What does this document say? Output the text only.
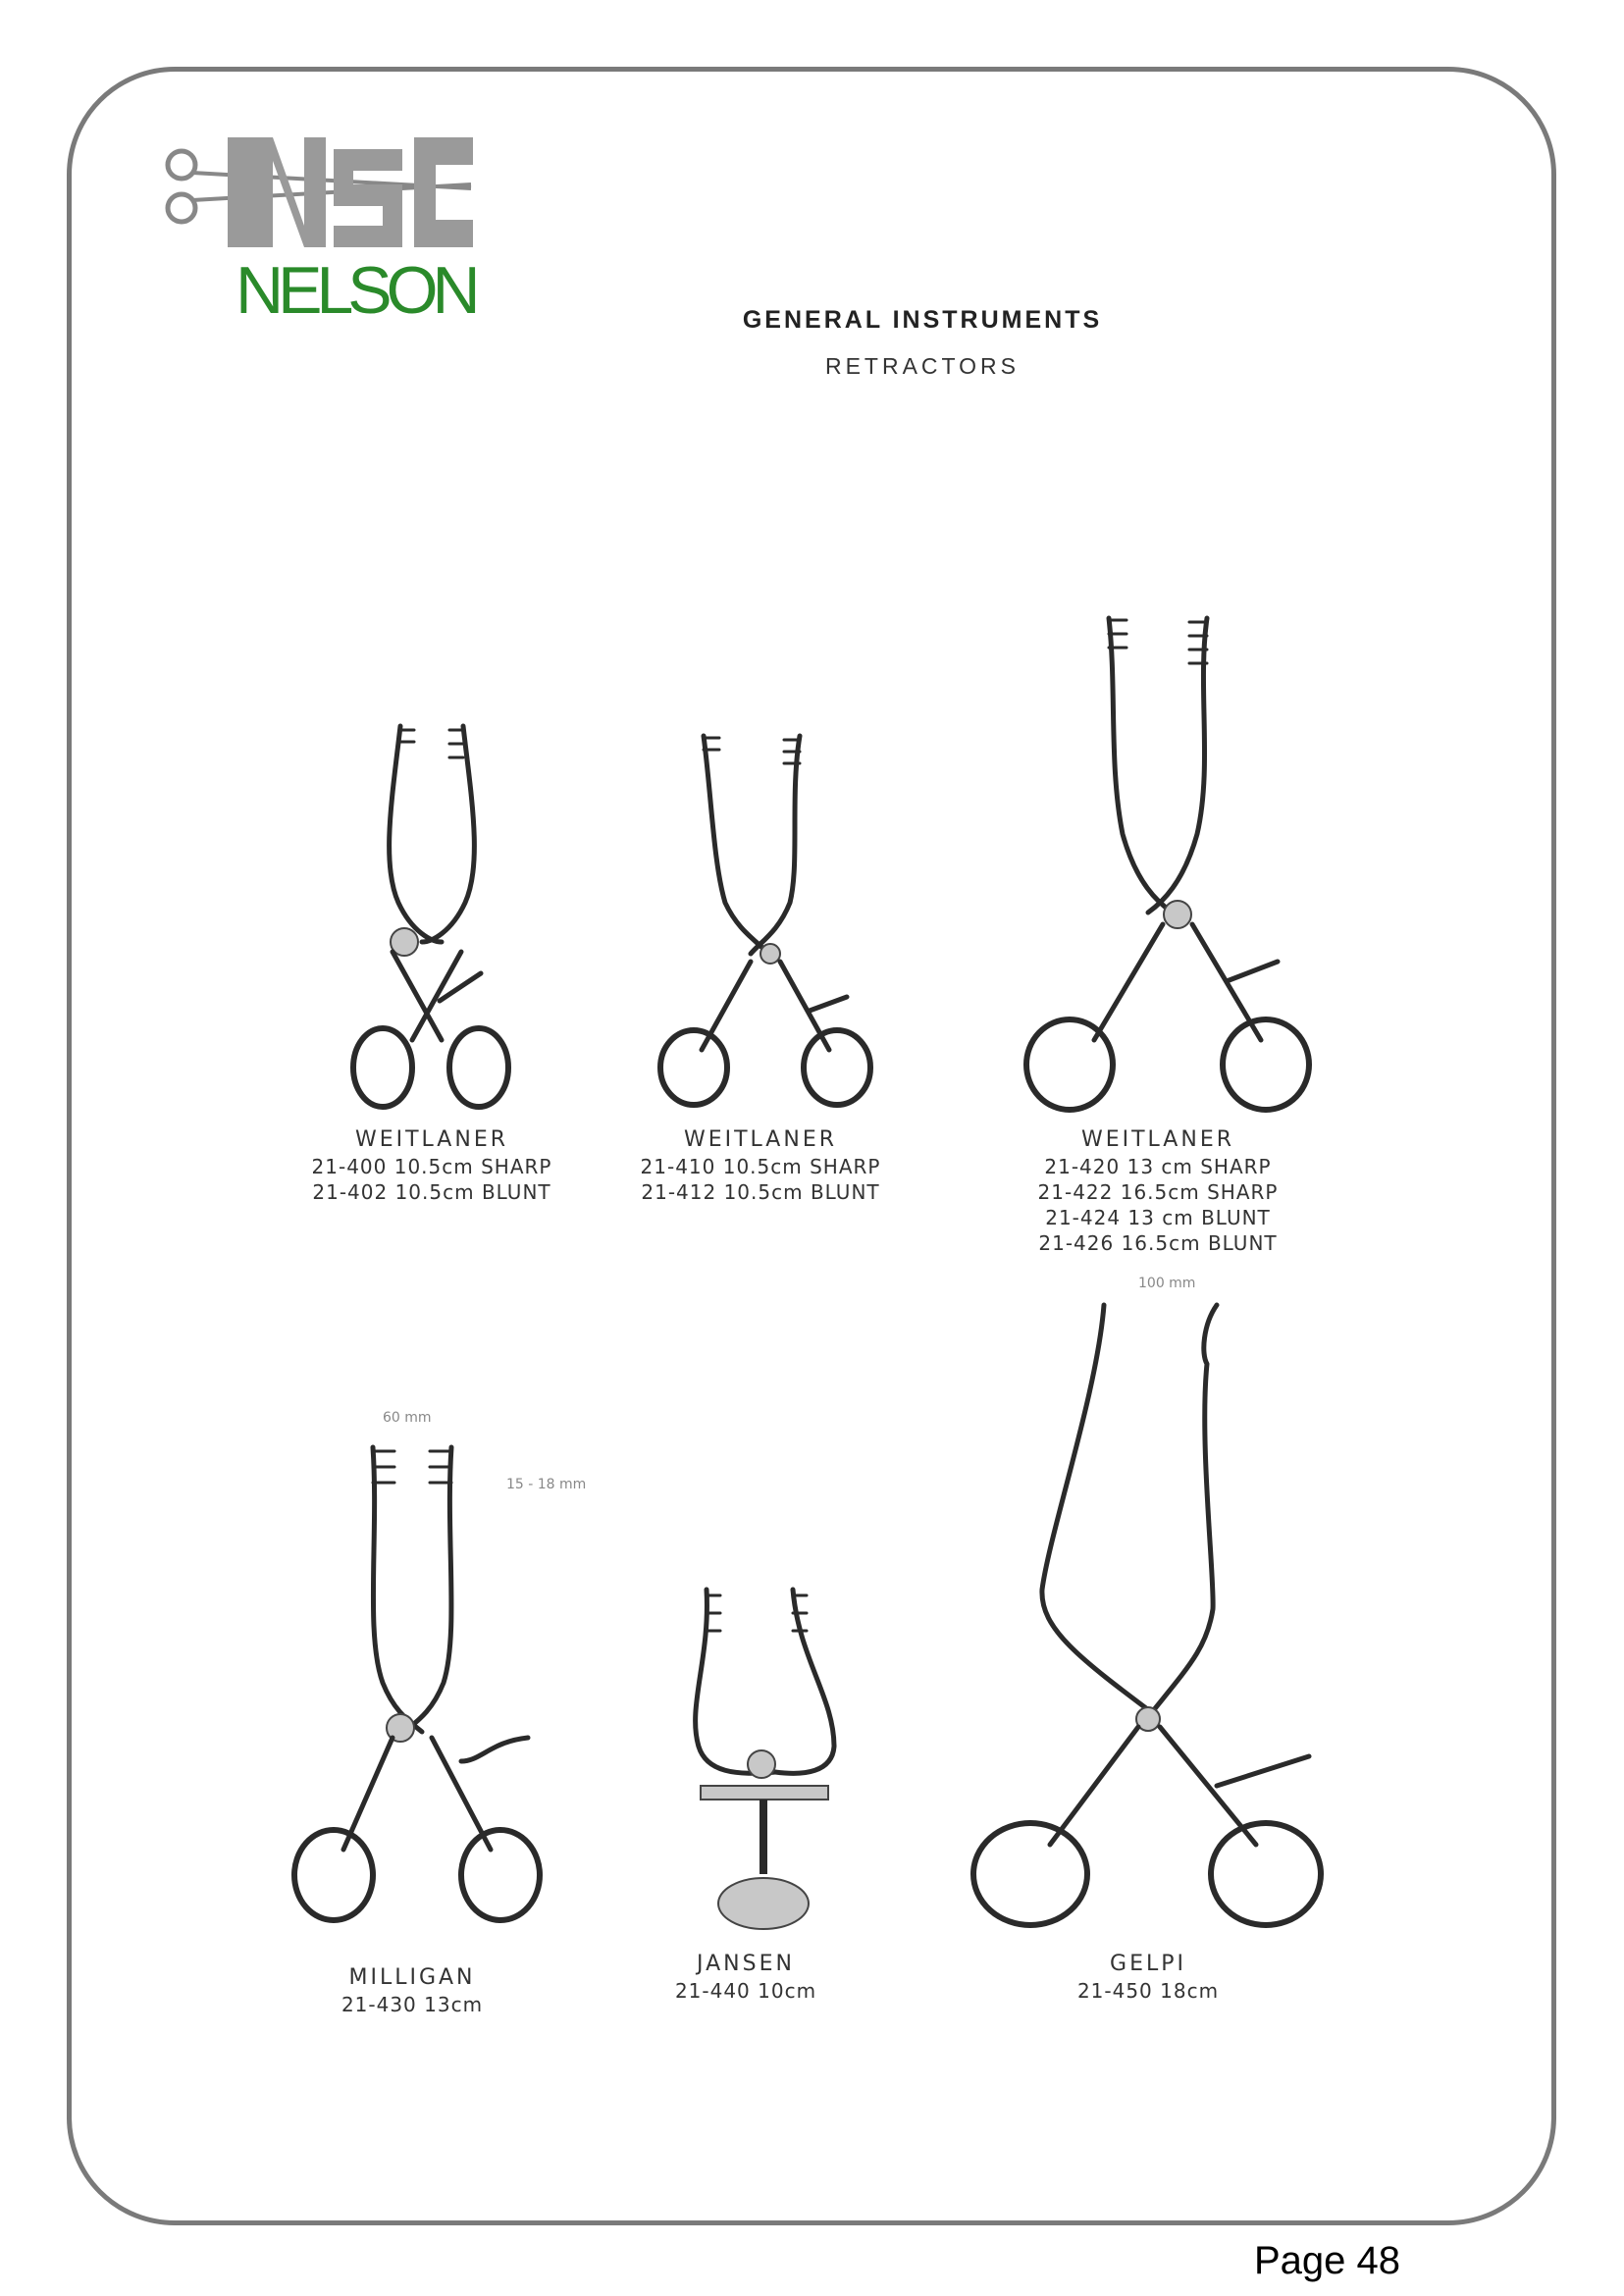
NELSON	GENERAL INSTRUMENTS
RETRACTORS
WEITLANER
21-400 10.5cm SHARP
21-402 10.5cm BLUNT
WEITLANER
21-410 10.5cm SHARP
21-412 10.5cm BLUNT
WEITLANER
21-420 13 cm SHARP
21-422 16.5cm SHARP
21-424 13 cm BLUNT
21-426 16.5cm BLUNT
60 mm
15 - 18 mm
MILLIGAN
21-430 13cm
JANSEN
21-440 10cm
100 mm
GELPI
21-450 18cm
Page 48
